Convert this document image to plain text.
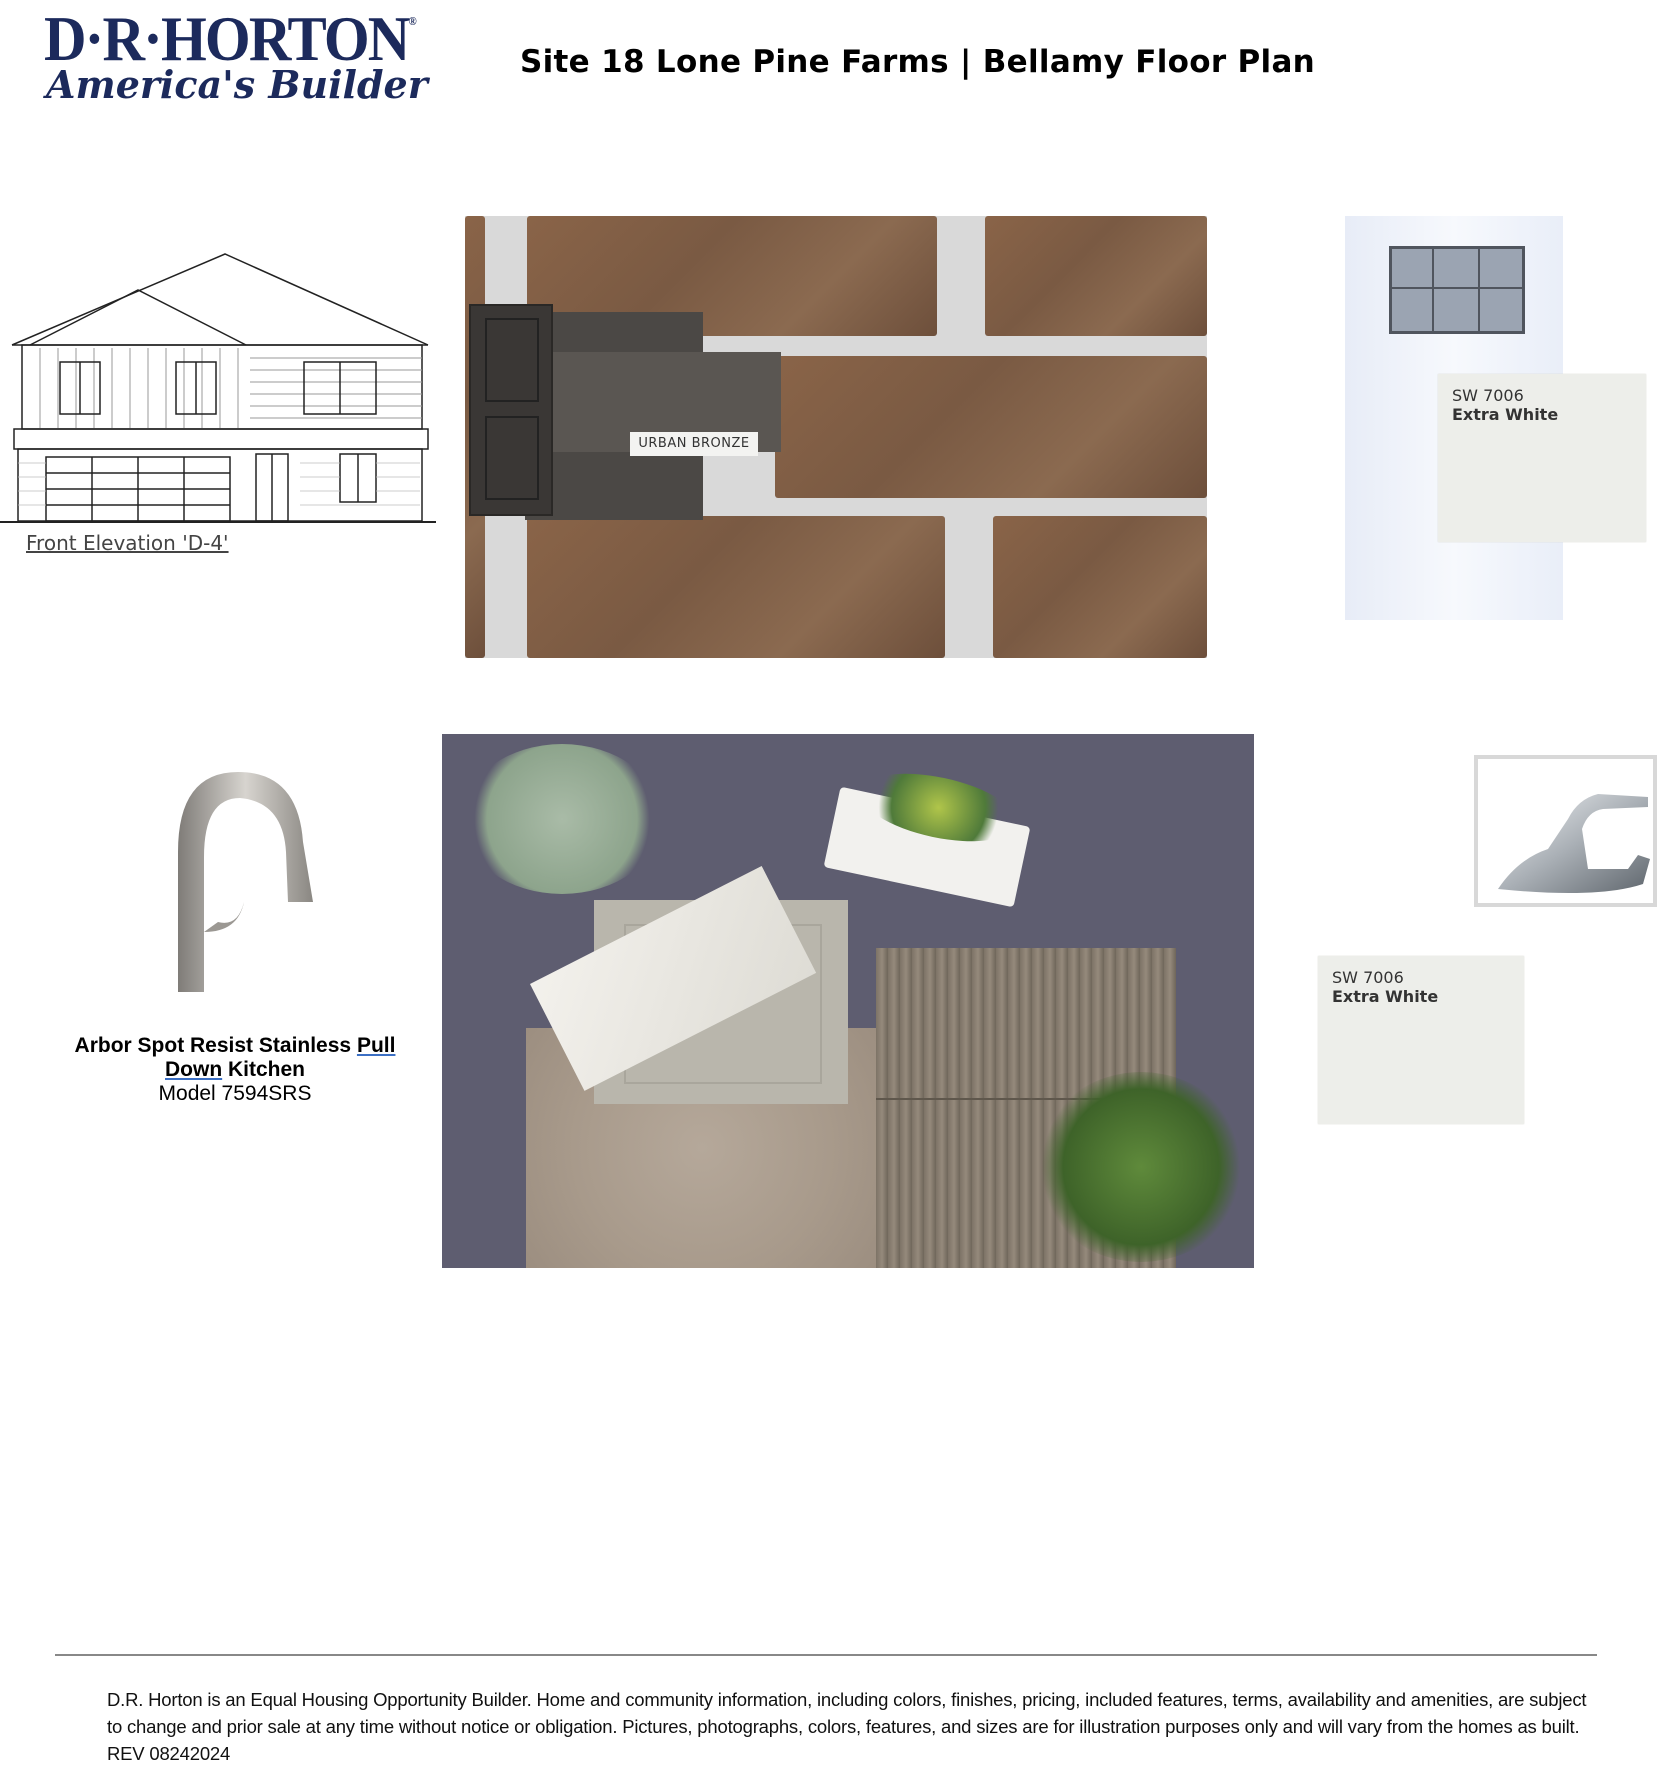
D·R·HORTON®
America's Builder	Site 18 Lone Pine Farms | Bellamy Floor Plan
Front Elevation 'D-4'
URBAN BRONZE
SW 7006
Extra White
Arbor Spot Resist Stainless Pull
Down Kitchen
Model 7594SRS
SW 7006
Extra White
D.R. Horton is an Equal Housing Opportunity Builder. Home and community information, including colors, finishes, pricing, included features, terms, availability and amenities, are subject to change and prior sale at any time without notice or obligation. Pictures, photographs, colors, features, and sizes are for illustration purposes only and will vary from the homes as built. REV 08242024
